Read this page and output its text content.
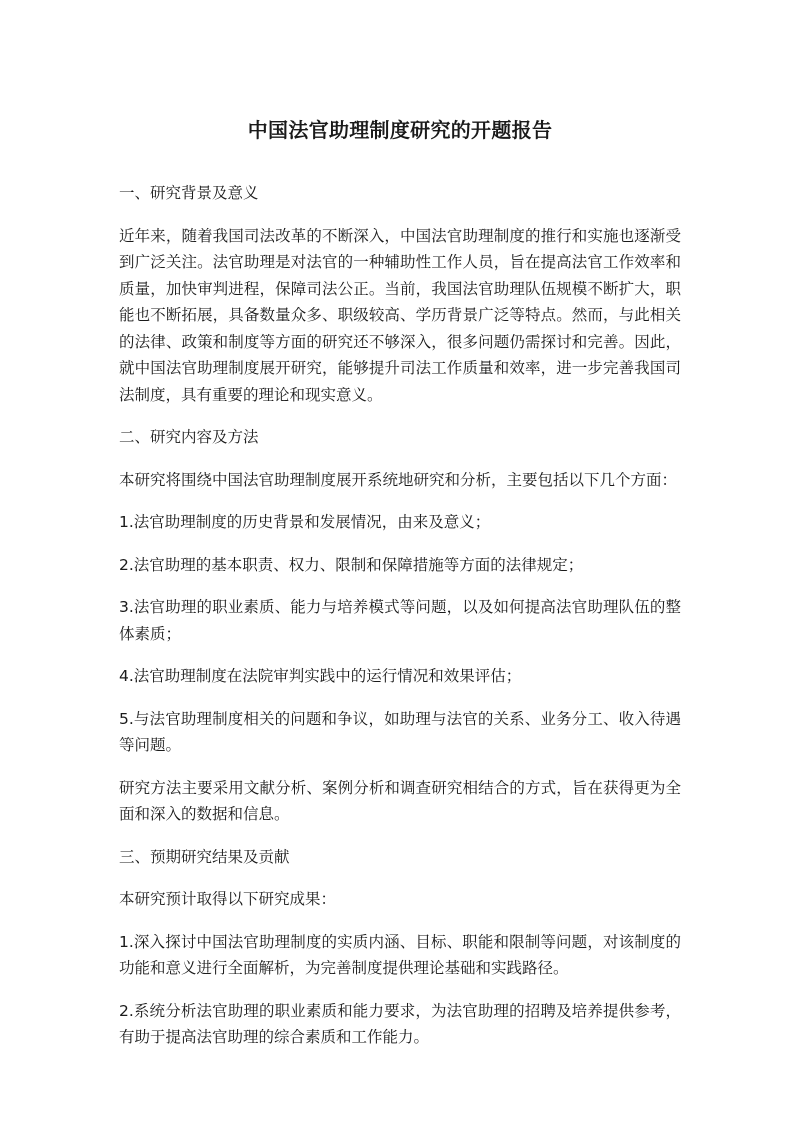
中国法官助理制度研究的开题报告

一、研究背景及意义

近年来，随着我国司法改革的不断深入，中国法官助理制度的推行和实施也逐渐受到广泛关注。法官助理是对法官的一种辅助性工作人员，旨在提高法官工作效率和质量，加快审判进程，保障司法公正。当前，我国法官助理队伍规模不断扩大，职能也不断拓展，具备数量众多、职级较高、学历背景广泛等特点。然而，与此相关的法律、政策和制度等方面的研究还不够深入，很多问题仍需探讨和完善。因此，就中国法官助理制度展开研究，能够提升司法工作质量和效率，进一步完善我国司法制度，具有重要的理论和现实意义。

二、研究内容及方法

本研究将围绕中国法官助理制度展开系统地研究和分析，主要包括以下几个方面：

1.法官助理制度的历史背景和发展情况，由来及意义；

2.法官助理的基本职责、权力、限制和保障措施等方面的法律规定；

3.法官助理的职业素质、能力与培养模式等问题，以及如何提高法官助理队伍的整体素质；

4.法官助理制度在法院审判实践中的运行情况和效果评估；

5.与法官助理制度相关的问题和争议，如助理与法官的关系、业务分工、收入待遇等问题。

研究方法主要采用文献分析、案例分析和调查研究相结合的方式，旨在获得更为全面和深入的数据和信息。

三、预期研究结果及贡献

本研究预计取得以下研究成果：

1.深入探讨中国法官助理制度的实质内涵、目标、职能和限制等问题，对该制度的功能和意义进行全面解析，为完善制度提供理论基础和实践路径。

2.系统分析法官助理的职业素质和能力要求，为法官助理的招聘及培养提供参考，有助于提高法官助理的综合素质和工作能力。
